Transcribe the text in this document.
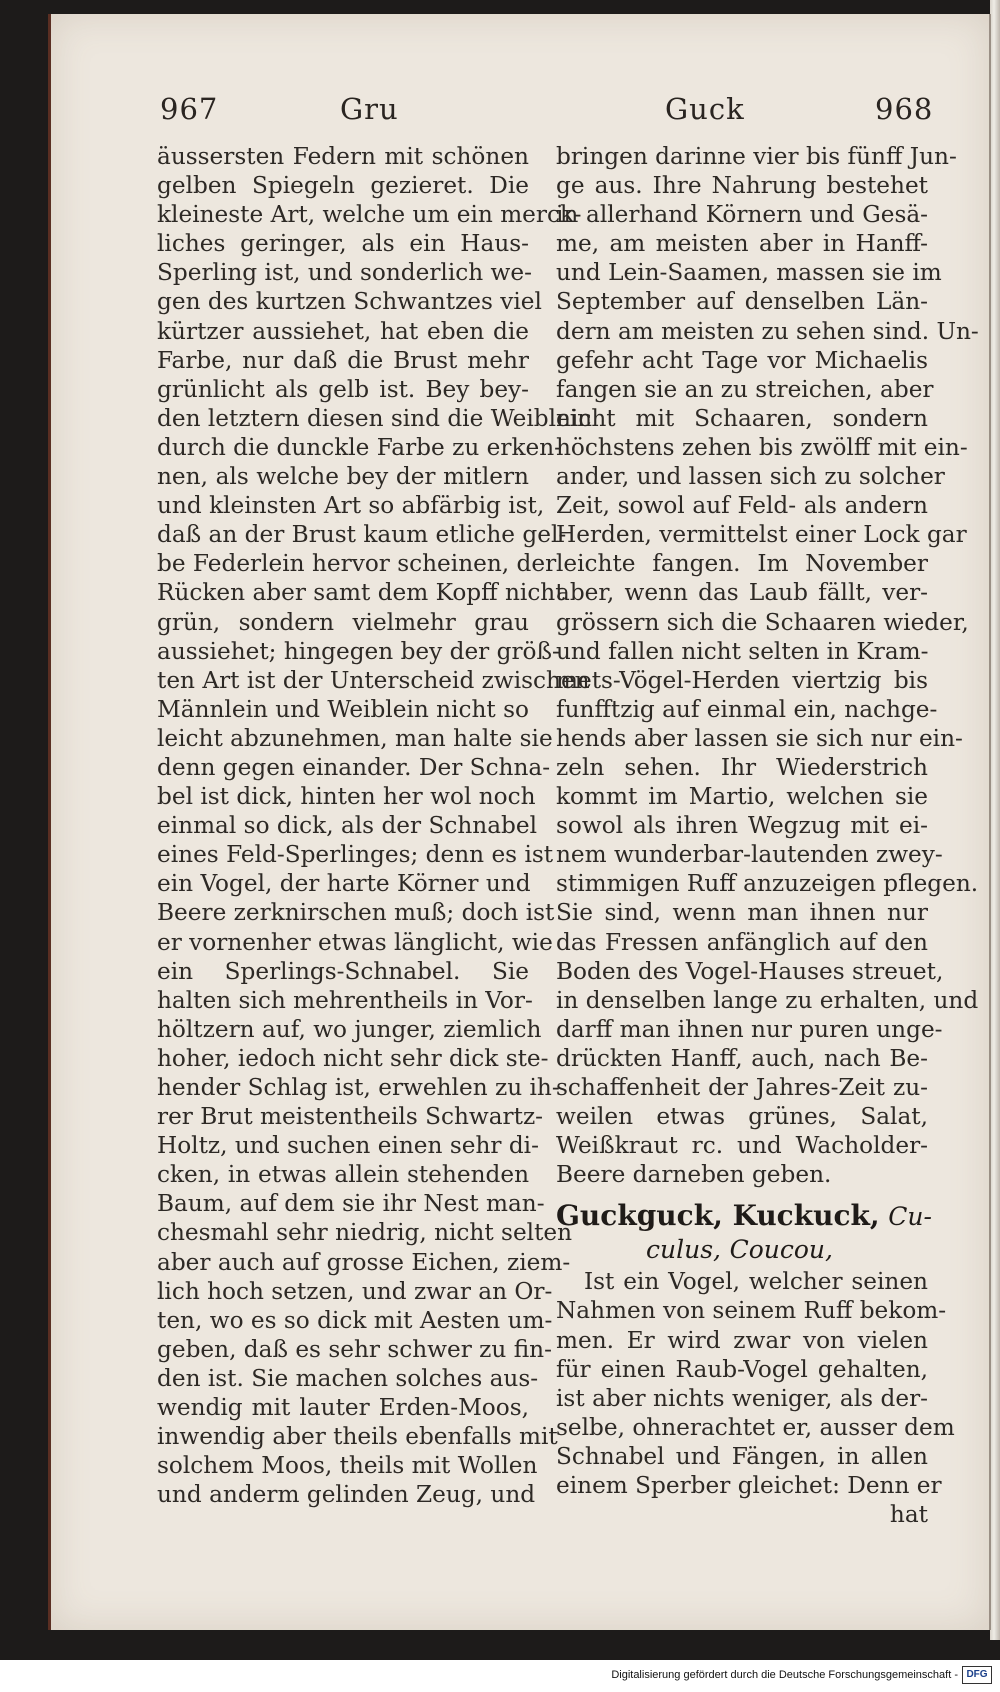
967	Gru	Guck	968
äussersten Federn mit schönen
gelben Spiegeln gezieret. Die
kleineste Art, welche um ein merck-
liches geringer, als ein Haus-
Sperling ist, und sonderlich we-
gen des kurtzen Schwantzes viel
kürtzer aussiehet, hat eben die
Farbe, nur daß die Brust mehr
grünlicht als gelb ist. Bey bey-
den letztern diesen sind die Weiblein
durch die dunckle Farbe zu erken-
nen, als welche bey der mitlern
und kleinsten Art so abfärbig ist,
daß an der Brust kaum etliche gel-
be Federlein hervor scheinen, der
Rücken aber samt dem Kopff nicht
grün, sondern vielmehr grau
aussiehet; hingegen bey der größ-
ten Art ist der Unterscheid zwischen
Männlein und Weiblein nicht so
leicht abzunehmen, man halte sie
denn gegen einander. Der Schna-
bel ist dick, hinten her wol noch
einmal so dick, als der Schnabel
eines Feld-Sperlinges; denn es ist
ein Vogel, der harte Körner und
Beere zerknirschen muß; doch ist
er vornenher etwas länglicht, wie
ein Sperlings-Schnabel. Sie
halten sich mehrentheils in Vor-
höltzern auf, wo junger, ziemlich
hoher, iedoch nicht sehr dick ste-
hender Schlag ist, erwehlen zu ih-
rer Brut meistentheils Schwartz-
Holtz, und suchen einen sehr di-
cken, in etwas allein stehenden
Baum, auf dem sie ihr Nest man-
chesmahl sehr niedrig, nicht selten
aber auch auf grosse Eichen, ziem-
lich hoch setzen, und zwar an Or-
ten, wo es so dick mit Aesten um-
geben, daß es sehr schwer zu fin-
den ist. Sie machen solches aus-
wendig mit lauter Erden-Moos,
inwendig aber theils ebenfalls mit
solchem Moos, theils mit Wollen
und anderm gelinden Zeug, und
bringen darinne vier bis fünff Jun-
ge aus. Ihre Nahrung bestehet
in allerhand Körnern und Gesä-
me, am meisten aber in Hanff-
und Lein-Saamen, massen sie im
September auf denselben Län-
dern am meisten zu sehen sind. Un-
gefehr acht Tage vor Michaelis
fangen sie an zu streichen, aber
nicht mit Schaaren, sondern
höchstens zehen bis zwölff mit ein-
ander, und lassen sich zu solcher
Zeit, sowol auf Feld- als andern
Herden, vermittelst einer Lock gar
leichte fangen. Im November
aber, wenn das Laub fällt, ver-
grössern sich die Schaaren wieder,
und fallen nicht selten in Kram-
mets-Vögel-Herden viertzig bis
funfftzig auf einmal ein, nachge-
hends aber lassen sie sich nur ein-
zeln sehen. Ihr Wiederstrich
kommt im Martio, welchen sie
sowol als ihren Wegzug mit ei-
nem wunderbar-lautenden zwey-
stimmigen Ruff anzuzeigen pflegen.
Sie sind, wenn man ihnen nur
das Fressen anfänglich auf den
Boden des Vogel-Hauses streuet,
in denselben lange zu erhalten, und
darff man ihnen nur puren unge-
drückten Hanff, auch, nach Be-
schaffenheit der Jahres-Zeit zu-
weilen etwas grünes, Salat,
Weißkraut rc. und Wacholder-
Beere darneben geben.
Guckguck, Kuckuck, Cu-
culus, Coucou,
Ist ein Vogel, welcher seinen
Nahmen von seinem Ruff bekom-
men. Er wird zwar von vielen
für einen Raub-Vogel gehalten,
ist aber nichts weniger, als der-
selbe, ohnerachtet er, ausser dem
Schnabel und Fängen, in allen
einem Sperber gleichet: Denn er
hat
Digitalisierung gefördert durch die Deutsche Forschungsgemeinschaft - DFG
